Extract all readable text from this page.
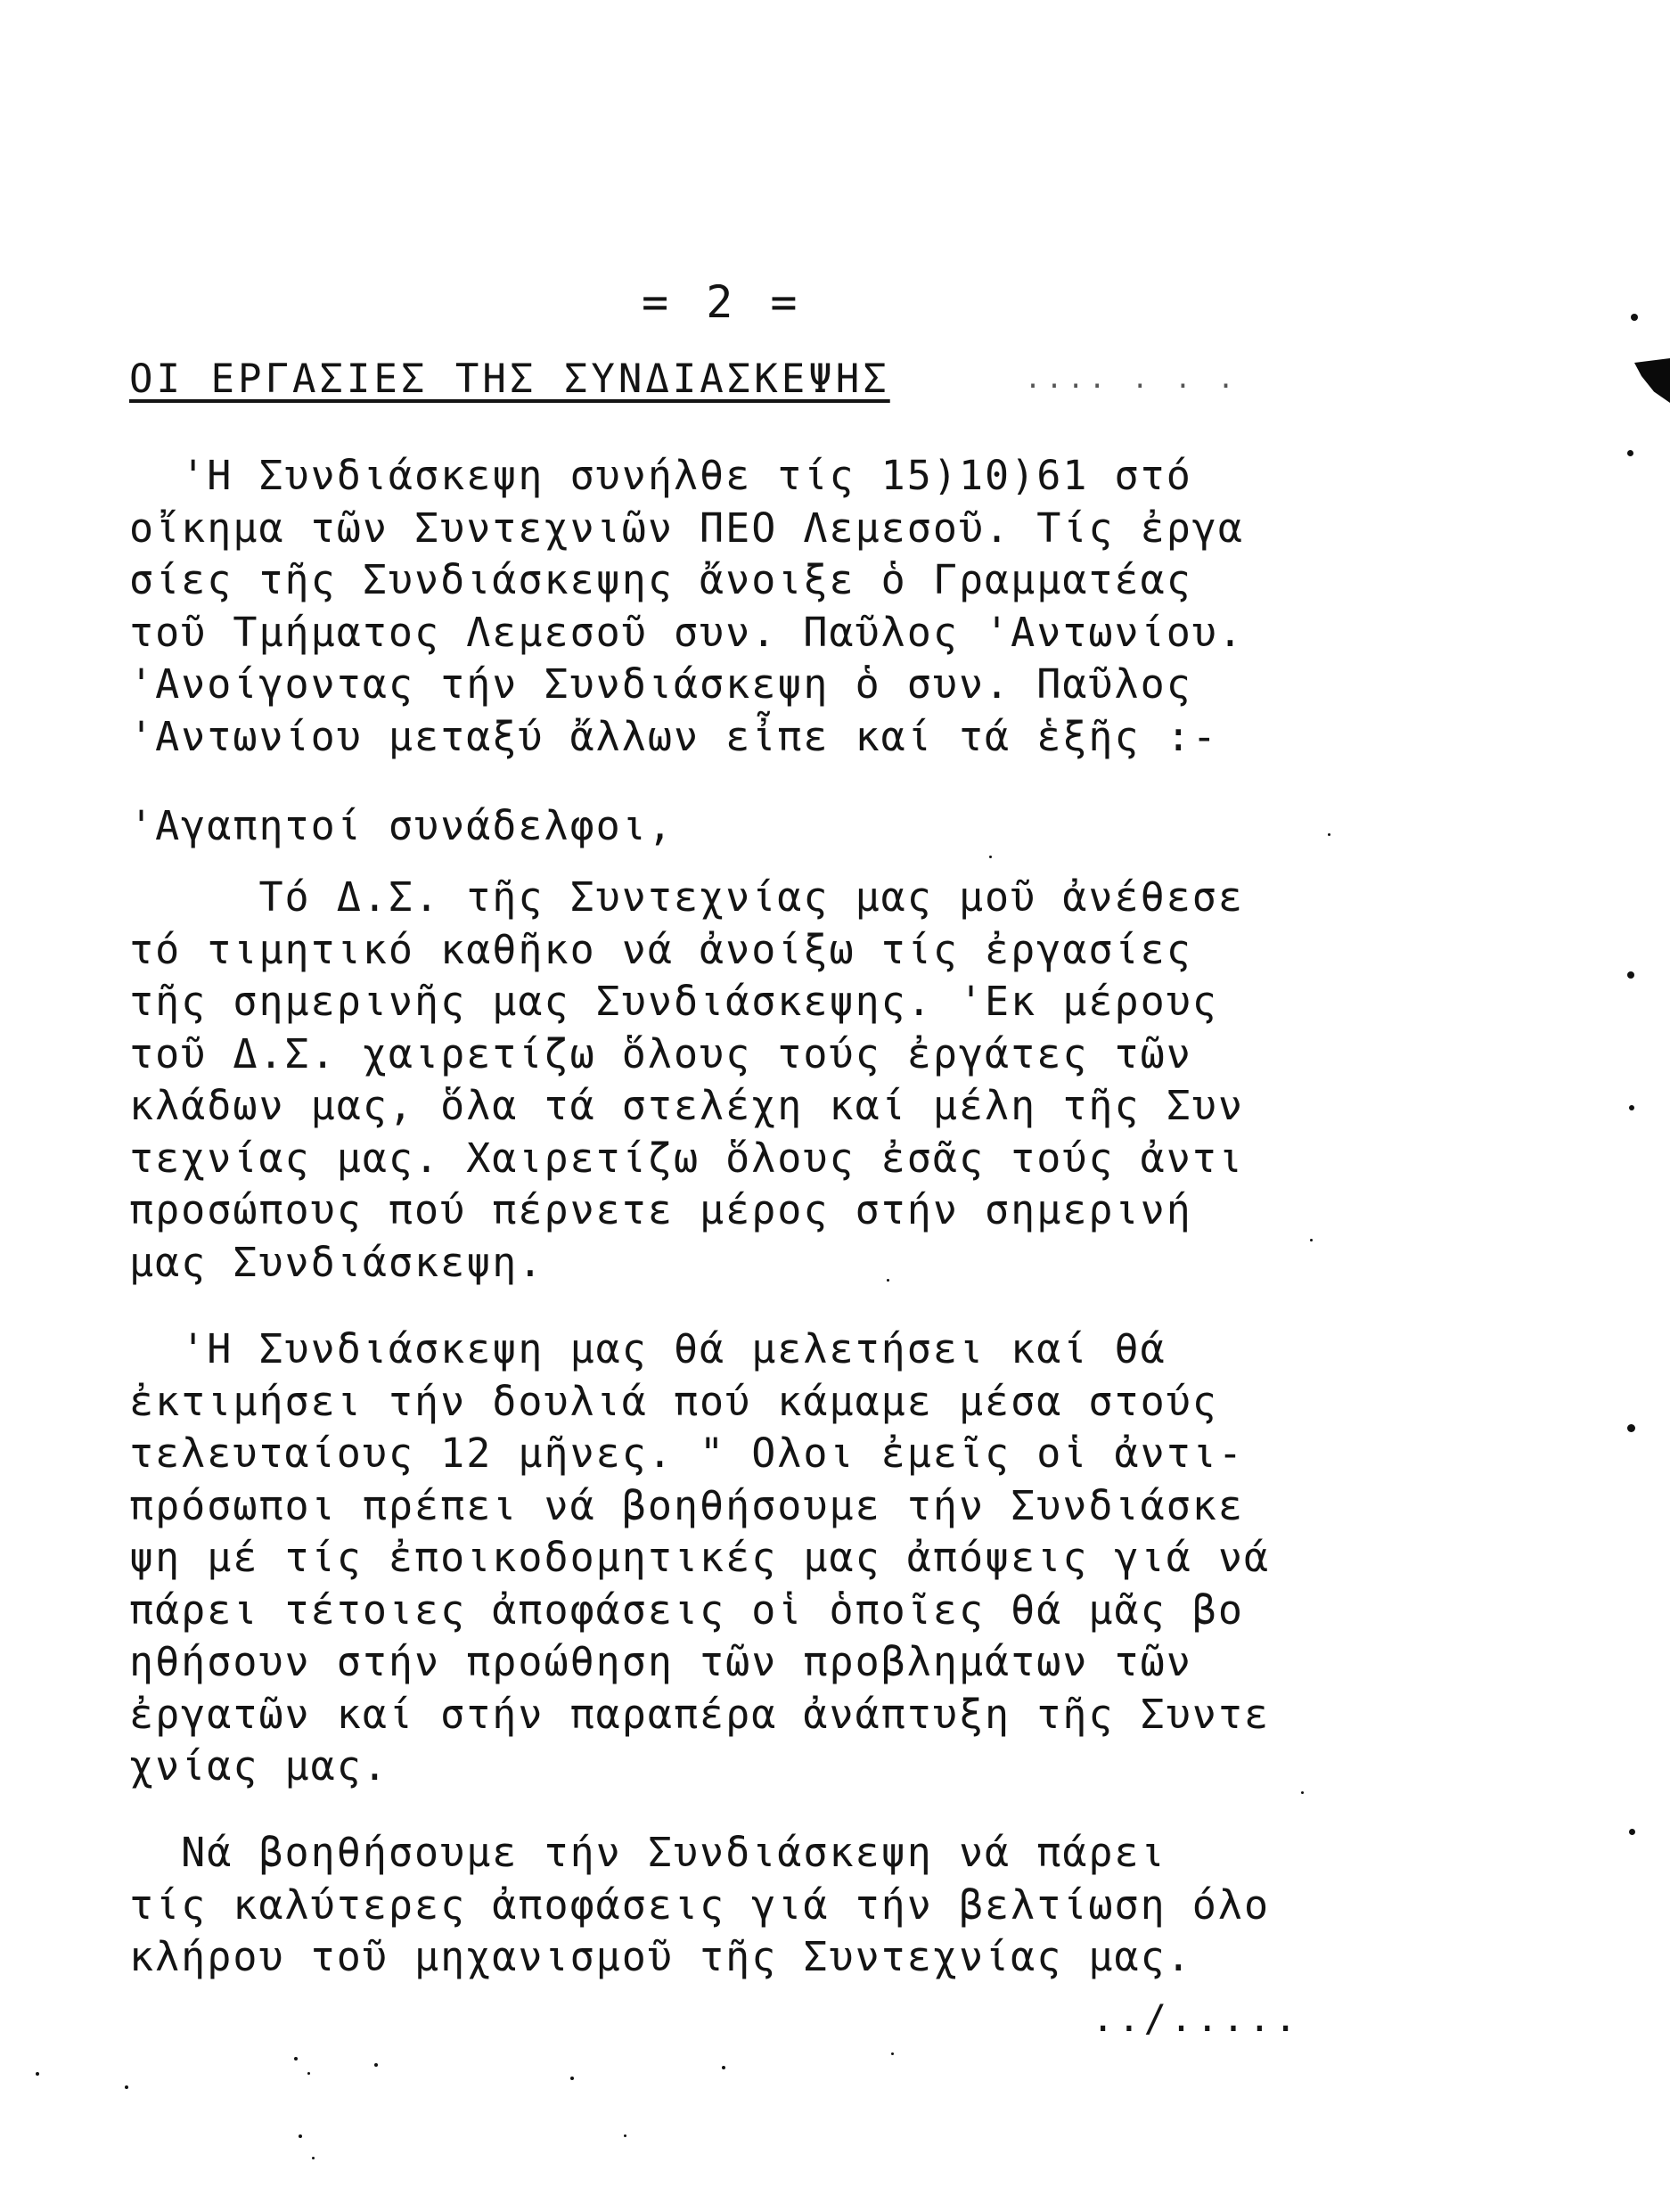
= 2 =
ΟΙ ΕΡΓΑΣΙΕΣ ΤΗΣ ΣΥΝΔΙΑΣΚΕΨΗΣ	.... . . .
'Η Συνδιάσκεψη συνήλθε τίς 15)10)61 στό
οἴκημα τῶν Συντεχνιῶν ΠΕΟ Λεμεσοῦ. Τίς ἐργα
σίες τῆς Συνδιάσκεψης ἄνοιξε ὁ Γραμματέας
τοῦ Τμήματος Λεμεσοῦ συν. Παῦλος 'Αντωνίου.
'Ανοίγοντας τήν Συνδιάσκεψη ὁ συν. Παῦλος
'Αντωνίου μεταξύ ἄλλων εἶπε καί τά ἑξῆς :-
'Αγαπητοί συνάδελφοι,
Τό Δ.Σ. τῆς Συντεχνίας μας μοῦ ἀνέθεσε
τό τιμητικό καθῆκο νά ἀνοίξω τίς ἐργασίες
τῆς σημερινῆς μας Συνδιάσκεψης. 'Εκ μέρους
τοῦ Δ.Σ. χαιρετίζω ὅλους τούς ἐργάτες τῶν
κλάδων μας, ὅλα τά στελέχη καί μέλη τῆς Συν
τεχνίας μας. Χαιρετίζω ὅλους ἐσᾶς τούς ἀντι
προσώπους πού πέρνετε μέρος στήν σημερινή
μας Συνδιάσκεψη.
'Η Συνδιάσκεψη μας θά μελετήσει καί θά
ἐκτιμήσει τήν δουλιά πού κάμαμε μέσα στούς
τελευταίους 12 μῆνες. " Ολοι ἐμεῖς οἱ ἀντι-
πρόσωποι πρέπει νά βοηθήσουμε τήν Συνδιάσκε
ψη μέ τίς ἐποικοδομητικές μας ἀπόψεις γιά νά
πάρει τέτοιες ἀποφάσεις οἱ ὁποῖες θά μᾶς βο
ηθήσουν στήν προώθηση τῶν προβλημάτων τῶν
ἐργατῶν καί στήν παραπέρα ἀνάπτυξη τῆς Συντε
χνίας μας.
Νά βοηθήσουμε τήν Συνδιάσκεψη νά πάρει
τίς καλύτερες ἀποφάσεις γιά τήν βελτίωση όλο
κλήρου τοῦ μηχανισμοῦ τῆς Συντεχνίας μας.
../.....
